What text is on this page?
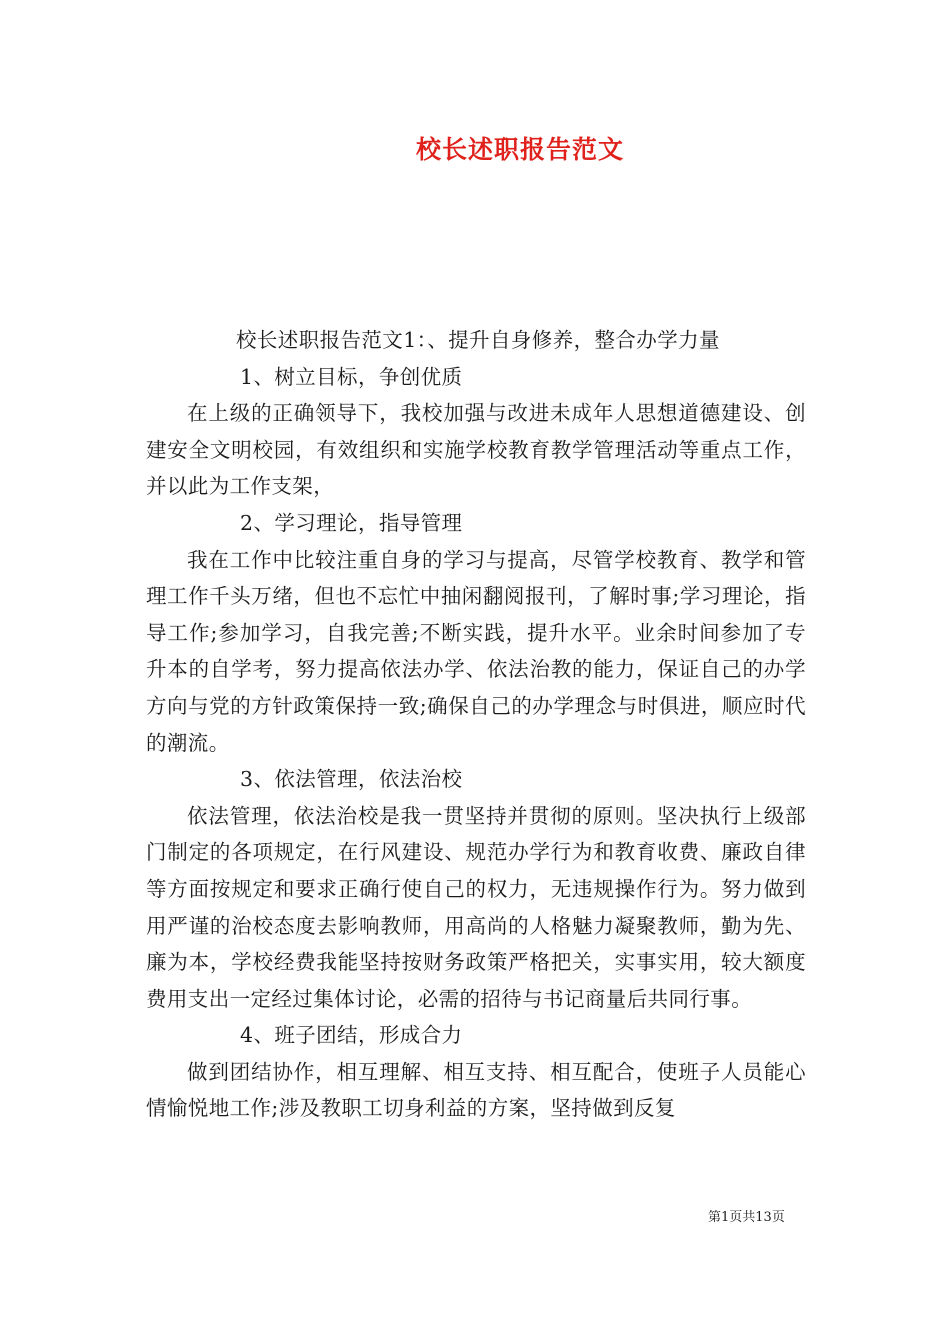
校长述职报告范文

校长述职报告范文1：、提升自身修养，整合办学力量

1、树立目标，争创优质

在上级的正确领导下，我校加强与改进未成年人思想道德建设、创建安全文明校园，有效组织和实施学校教育教学管理活动等重点工作，并以此为工作支架，

2、学习理论，指导管理

我在工作中比较注重自身的学习与提高，尽管学校教育、教学和管理工作千头万绪，但也不忘忙中抽闲翻阅报刊，了解时事;学习理论，指导工作;参加学习，自我完善;不断实践，提升水平。业余时间参加了专升本的自学考，努力提高依法办学、依法治教的能力，保证自己的办学方向与党的方针政策保持一致;确保自己的办学理念与时俱进，顺应时代的潮流。

3、依法管理，依法治校

依法管理，依法治校是我一贯坚持并贯彻的原则。坚决执行上级部门制定的各项规定，在行风建设、规范办学行为和教育收费、廉政自律等方面按规定和要求正确行使自己的权力，无违规操作行为。努力做到用严谨的治校态度去影响教师，用高尚的人格魅力凝聚教师，勤为先、廉为本，学校经费我能坚持按财务政策严格把关，实事实用，较大额度费用支出一定经过集体讨论，必需的招待与书记商量后共同行事。

4、班子团结，形成合力

做到团结协作，相互理解、相互支持、相互配合，使班子人员能心情愉悦地工作;涉及教职工切身利益的方案，坚持做到反复

第1页共13页
